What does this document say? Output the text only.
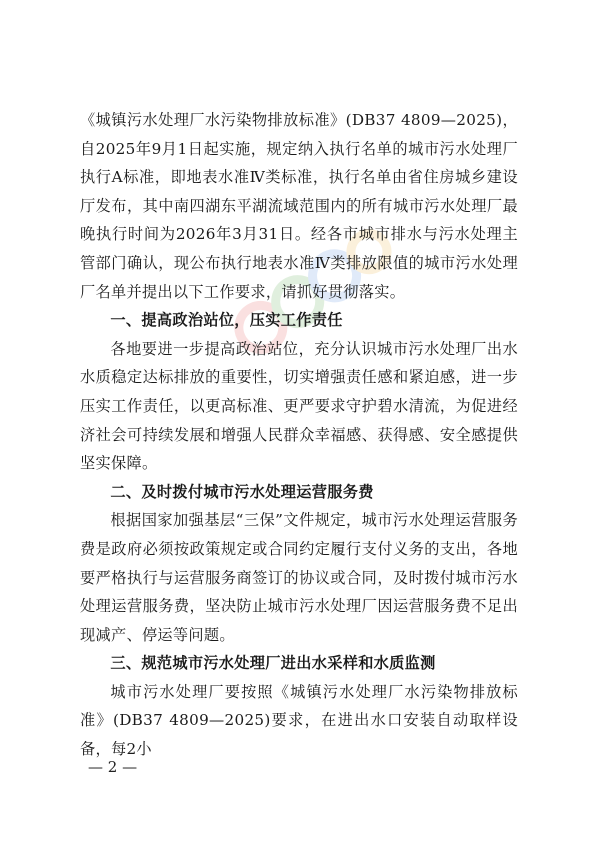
《城镇污水处理厂水污染物排放标准》(DB37 4809—2025)，自2025年9月1日起实施，规定纳入执行名单的城市污水处理厂执行A标准，即地表水准Ⅳ类标准，执行名单由省住房城乡建设厅发布，其中南四湖东平湖流域范围内的所有城市污水处理厂最晚执行时间为2026年3月31日。经各市城市排水与污水处理主管部门确认，现公布执行地表水准Ⅳ类排放限值的城市污水处理厂名单并提出以下工作要求，请抓好贯彻落实。

一、提高政治站位，压实工作责任

各地要进一步提高政治站位，充分认识城市污水处理厂出水水质稳定达标排放的重要性，切实增强责任感和紧迫感，进一步压实工作责任，以更高标准、更严要求守护碧水清流，为促进经济社会可持续发展和增强人民群众幸福感、获得感、安全感提供坚实保障。

二、及时拨付城市污水处理运营服务费

根据国家加强基层“三保”文件规定，城市污水处理运营服务费是政府必须按政策规定或合同约定履行支付义务的支出，各地要严格执行与运营服务商签订的协议或合同，及时拨付城市污水处理运营服务费，坚决防止城市污水处理厂因运营服务费不足出现减产、停运等问题。

三、规范城市污水处理厂进出水采样和水质监测

城市污水处理厂要按照《城镇污水处理厂水污染物排放标准》(DB37 4809—2025)要求，在进出水口安装自动取样设备，每2小

— 2 —
